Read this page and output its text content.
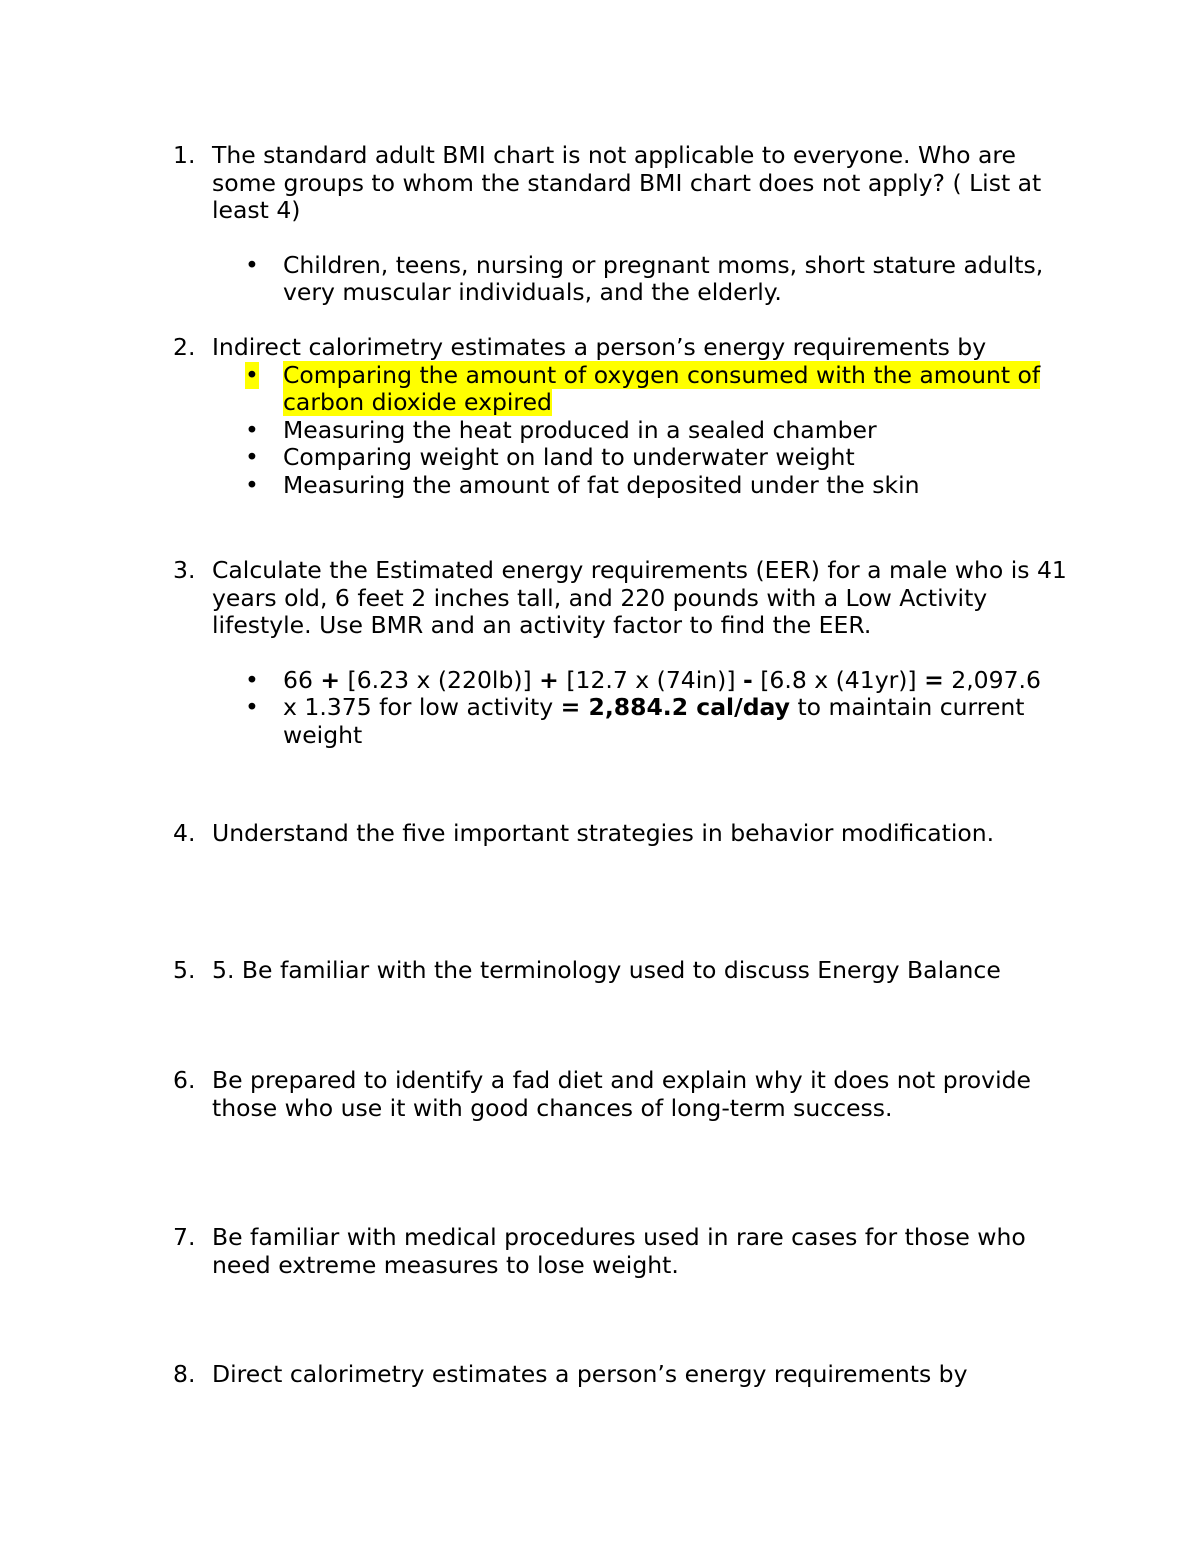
1. The standard adult BMI chart is not applicable to everyone. Who are some groups to whom the standard BMI chart does not apply? ( List at least 4)
• Children, teens, nursing or pregnant moms, short stature adults, very muscular individuals, and the elderly.
2. Indirect calorimetry estimates a person’s energy requirements by
• Comparing the amount of oxygen consumed with the amount of carbon dioxide expired
• Measuring the heat produced in a sealed chamber
• Comparing weight on land to underwater weight
• Measuring the amount of fat deposited under the skin
3. Calculate the Estimated energy requirements (EER) for a male who is 41 years old, 6 feet 2 inches tall, and 220 pounds with a Low Activity lifestyle. Use BMR and an activity factor to find the EER.
• 66 + [6.23 x (220lb)] + [12.7 x (74in)] - [6.8 x (41yr)] = 2,097.6
• x 1.375 for low activity = 2,884.2 cal/day to maintain current weight
4. Understand the five important strategies in behavior modification.
5. 5. Be familiar with the terminology used to discuss Energy Balance
6. Be prepared to identify a fad diet and explain why it does not provide those who use it with good chances of long-term success.
7. Be familiar with medical procedures used in rare cases for those who need extreme measures to lose weight.
8. Direct calorimetry estimates a person’s energy requirements by
